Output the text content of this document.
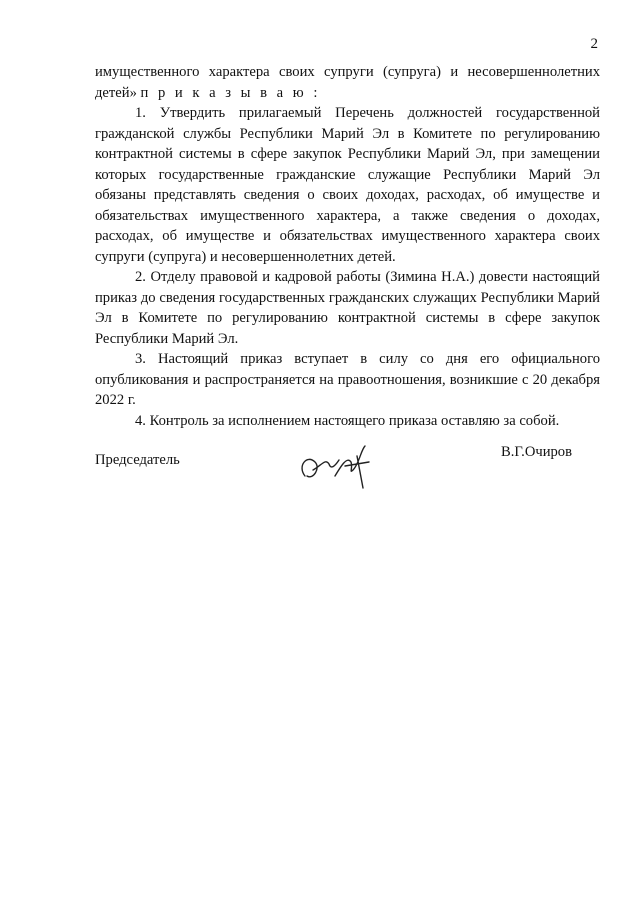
2

имущественного характера своих супруги (супруга) и несовершеннолетних детей» п р и к а з ы в а ю :

1. Утвердить прилагаемый Перечень должностей государственной гражданской службы Республики Марий Эл в Комитете по регулированию контрактной системы в сфере закупок Республики Марий Эл, при замещении которых государственные гражданские служащие Республики Марий Эл обязаны представлять сведения о своих доходах, расходах, об имуществе и обязательствах имущественного характера, а также сведения о доходах, расходах, об имуществе и обязательствах имущественного характера своих супруги (супруга) и несовершеннолетних детей.

2. Отделу правовой и кадровой работы (Зимина Н.А.) довести настоящий приказ до сведения государственных гражданских служащих Республики Марий Эл в Комитете по регулированию контрактной системы в сфере закупок Республики Марий Эл.

3. Настоящий приказ вступает в силу со дня его официального опубликования и распространяется на правоотношения, возникшие с 20 декабря 2022 г.

4. Контроль за исполнением настоящего приказа оставляю за собой.

Председатель	В.Г.Очиров
